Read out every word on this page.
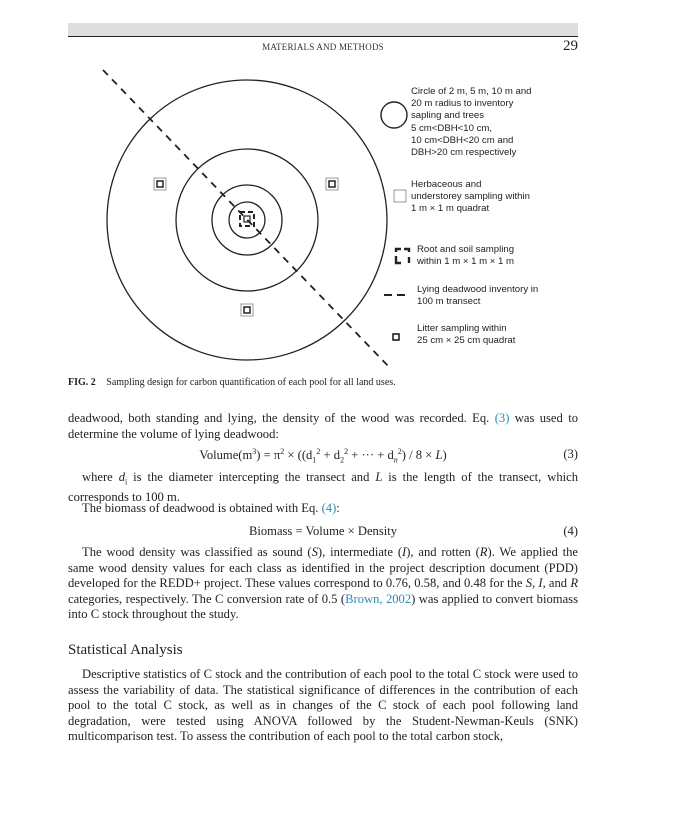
MATERIALS AND METHODS	29
Circle of 2 m, 5 m, 10 m and
20 m radius to inventory
sapling and trees
5 cm<DBH<10 cm,
10 cm<DBH<20 cm and
DBH>20 cm respectively
Herbaceous and
understorey sampling within
1 m × 1 m quadrat
Root and soil sampling
within 1 m × 1 m × 1 m
Lying deadwood inventory in
100 m transect
Litter sampling within
25 cm × 25 cm quadrat
FIG. 2 Sampling design for carbon quantification of each pool for all land uses.
deadwood, both standing and lying, the density of the wood was recorded. Eq. (3) was used to determine the volume of lying deadwood:
$Volume(m^3) = \pi^2 \times ((d_1^2 + d_2^2$ + ··· + $d_n^2) / 8 \times L$)	(3)
where $d_i$ is the diameter intercepting the transect and L is the length of the transect, which corresponds to 100 m.
The biomass of deadwood is obtained with Eq. (4):
Biomass = Volume × Density	(4)
The wood density was classified as sound (S), intermediate (I), and rotten (R). We applied the same wood density values for each class as identified in the project description document (PDD) developed for the REDD+ project. These values correspond to 0.76, 0.58, and 0.48 for the S, I, and R categories, respectively. The C conversion rate of 0.5 (Brown, 2002) was applied to convert biomass into C stock throughout the study.
Statistical Analysis
Descriptive statistics of C stock and the contribution of each pool to the total C stock were used to assess the variability of data. The statistical significance of differences in the contribution of each pool to the total C stock, as well as in changes of the C stock of each pool following land degradation, were tested using ANOVA followed by the Student-Newman-Keuls (SNK) multicomparison test. To assess the contribution of each pool to the total carbon stock,
